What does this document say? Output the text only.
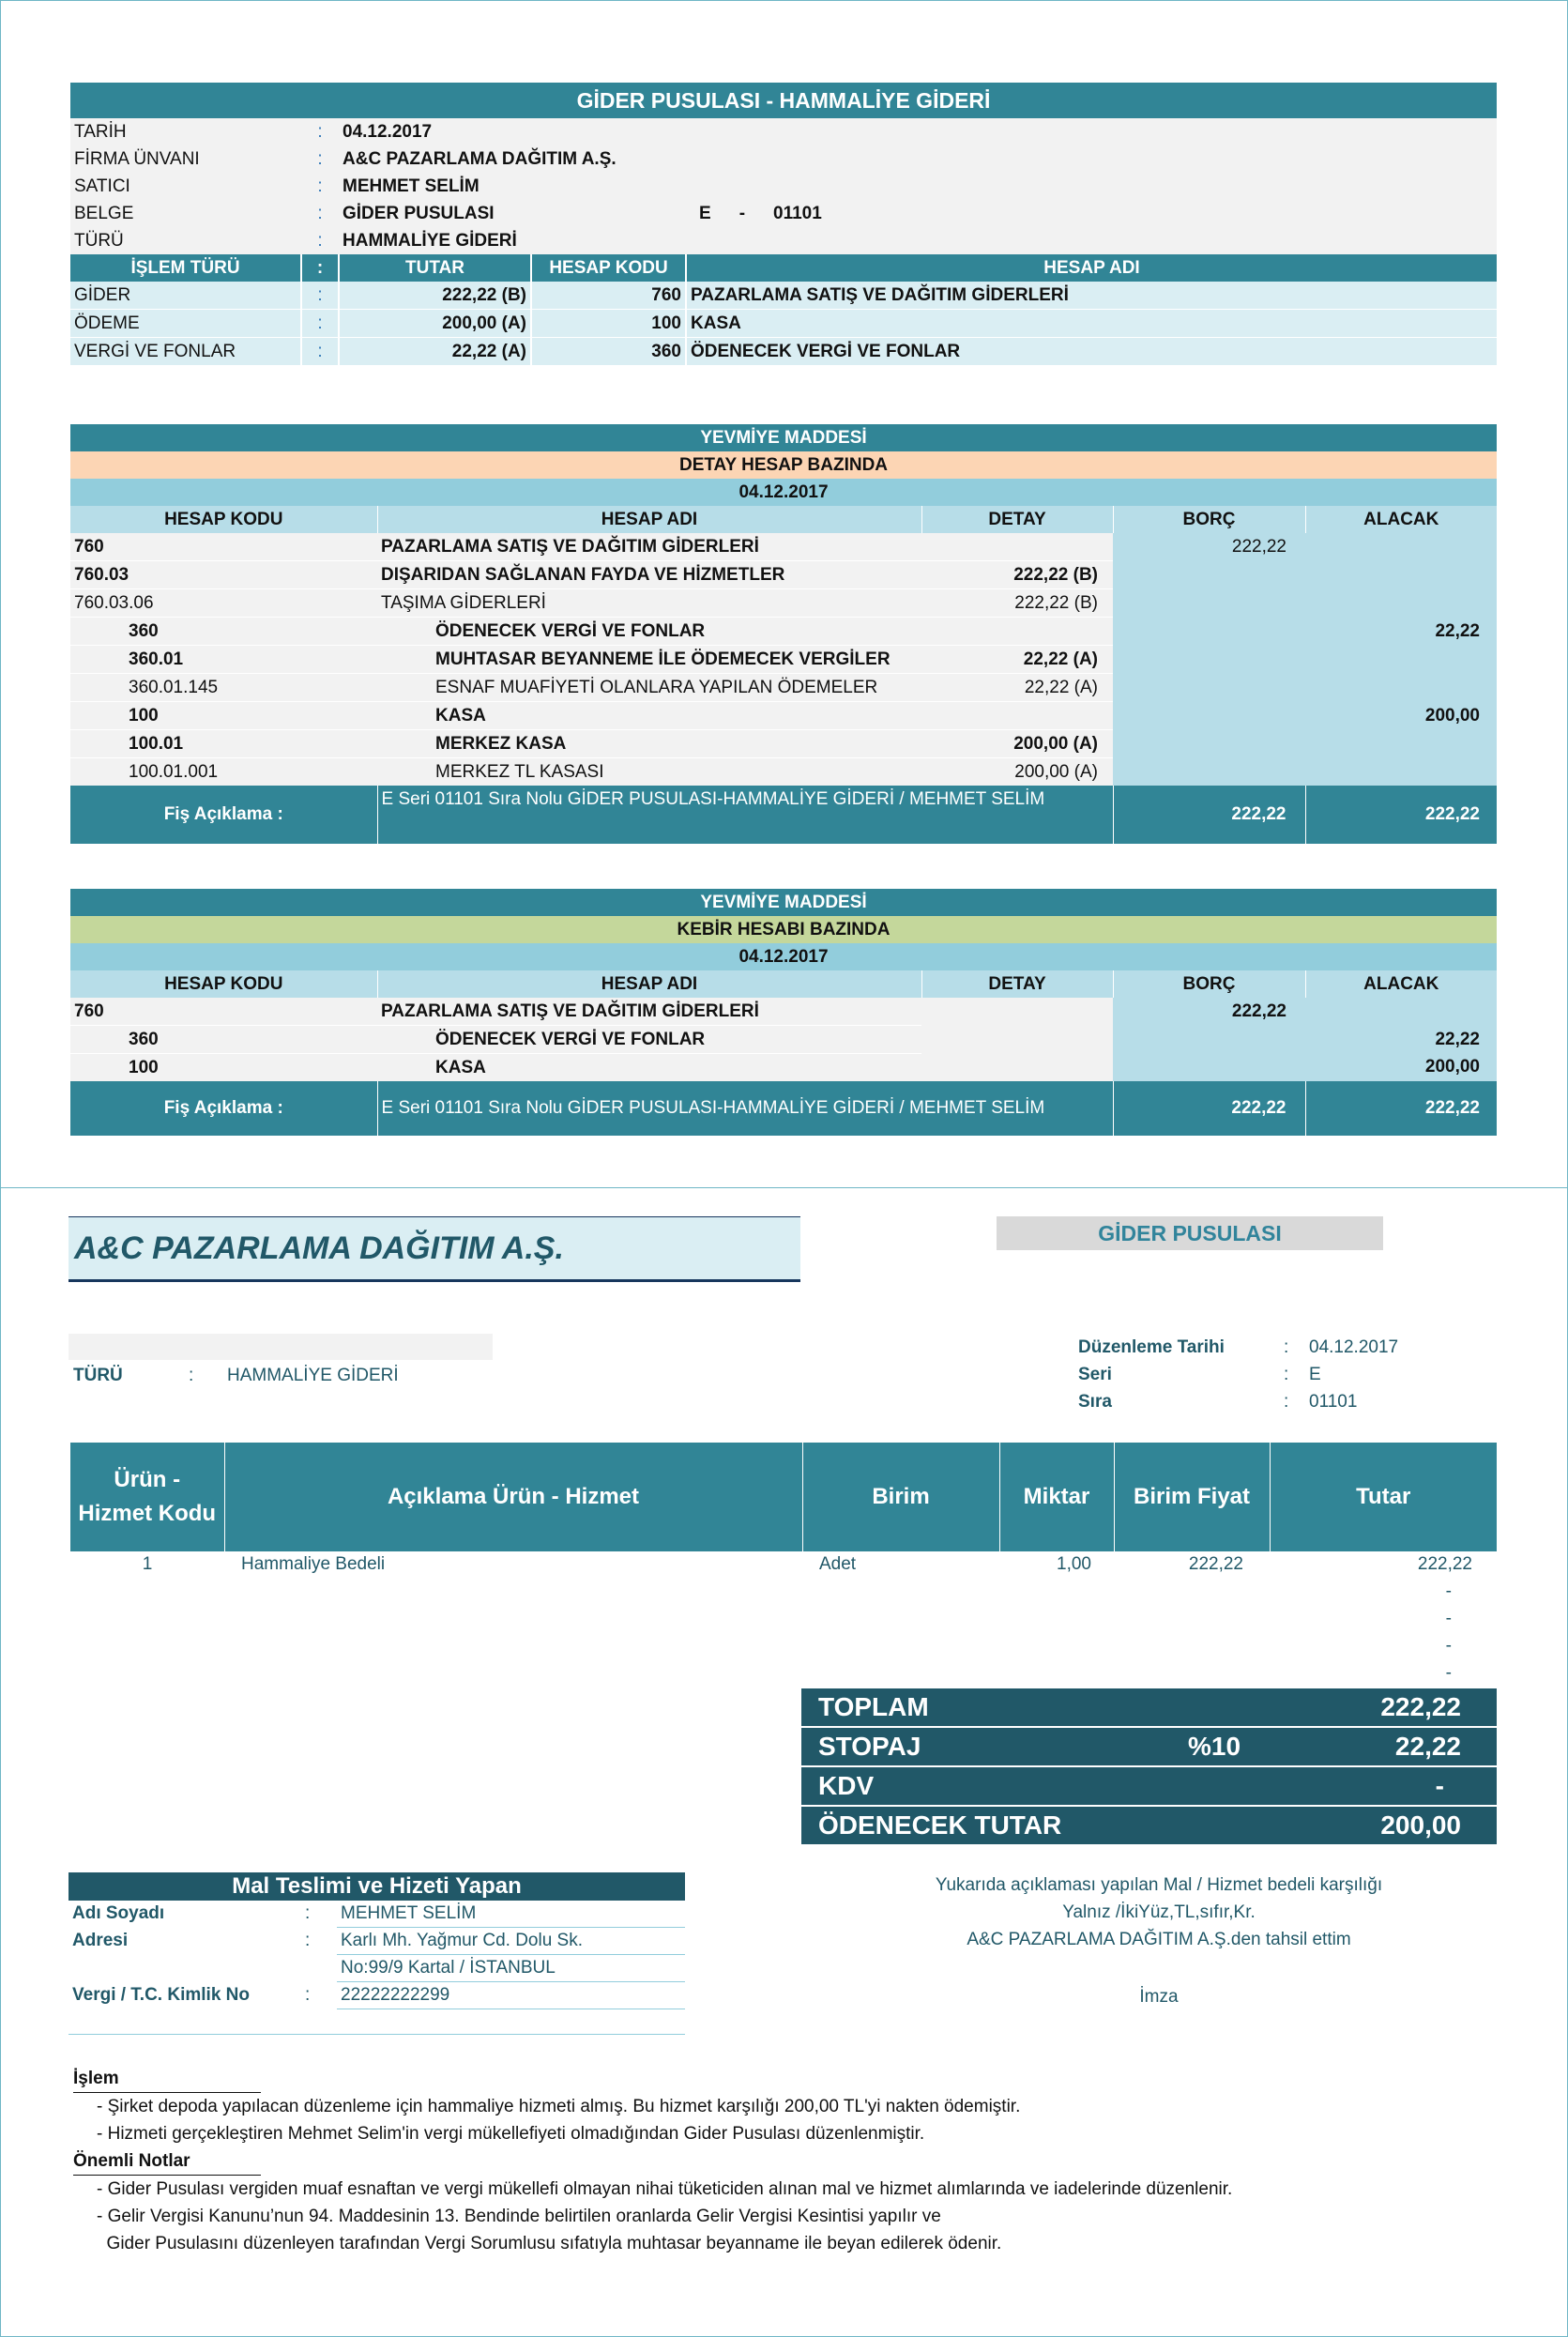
GİDER PUSULASI - HAMMALİYE GİDERİ				
TARİH	:	04.12.2017		
FİRMA ÜNVANI	:	A&C PAZARLAMA DAĞITIM A.Ş.		
SATICI	:	MEHMET SELİM		
BELGE	:	GİDER PUSULASI		E - 01101
TÜRÜ	:	HAMMALİYE GİDERİ		
İŞLEM TÜRÜ	:	TUTAR	HESAP KODU	HESAP ADI
GİDER	:	222,22 (B)	760	PAZARLAMA SATIŞ VE DAĞITIM GİDERLERİ
ÖDEME	:	200,00 (A)	100	KASA
VERGİ VE FONLAR	:	22,22 (A)	360	ÖDENECEK VERGİ VE FONLAR
YEVMİYE MADDESİ				
DETAY HESAP BAZINDA				
04.12.2017				
HESAP KODU	HESAP ADI	DETAY	BORÇ	ALACAK
760	PAZARLAMA SATIŞ VE DAĞITIM GİDERLERİ		222,22	
760.03	DIŞARIDAN SAĞLANAN FAYDA VE HİZMETLER	222,22 (B)		
760.03.06	TAŞIMA GİDERLERİ	222,22 (B)		
360	ÖDENECEK VERGİ VE FONLAR			22,22
360.01	MUHTASAR BEYANNEME İLE ÖDEMECEK VERGİLER	22,22 (A)		
360.01.145	ESNAF MUAFİYETİ OLANLARA YAPILAN ÖDEMELER	22,22 (A)		
100	KASA			200,00
100.01	MERKEZ KASA	200,00 (A)		
100.01.001	MERKEZ TL KASASI	200,00 (A)		
Fiş Açıklama :	E Seri 01101 Sıra Nolu GİDER PUSULASI-HAMMALİYE GİDERİ / MEHMET SELİM		222,22	222,22
YEVMİYE MADDESİ				
KEBİR HESABI BAZINDA				
04.12.2017				
HESAP KODU	HESAP ADI	DETAY	BORÇ	ALACAK
760	PAZARLAMA SATIŞ VE DAĞITIM GİDERLERİ		222,22	
360	ÖDENECEK VERGİ VE FONLAR			22,22
100	KASA			200,00
Fiş Açıklama :	E Seri 01101 Sıra Nolu GİDER PUSULASI-HAMMALİYE GİDERİ / MEHMET SELİM		222,22	222,22
A&C PAZARLAMA DAĞITIM A.Ş.	GİDER PUSULASI
TÜRÜ	: HAMMALİYE GİDERİ
Düzenleme Tarihi	: 04.12.2017
Seri	: E
Sıra	: 01101
Ürün - Hizmet Kodu	Açıklama Ürün - Hizmet	Birim	Miktar	Birim Fiyat	Tutar
1	Hammaliye Bedeli	Adet	1,00	222,22	222,22
					-
					-
					-
					-
TOPLAM		222,22
STOPAJ	%10	22,22
KDV		-
ÖDENECEK TUTAR		200,00
Mal Teslimi ve Hizeti Yapan		
Adı Soyadı	:	MEHMET SELİM
Adresi	:	Karlı Mh. Yağmur Cd. Dolu Sk.
		No:99/9 Kartal / İSTANBUL
Vergi / T.C. Kimlik No	:	22222222299

Yukarıda açıklaması yapılan Mal / Hizmet bedeli karşılığı
Yalnız /İkiYüz,TL,sıfır,Kr.
A&C PAZARLAMA DAĞITIM A.Ş.den tahsil ettim
İmza
İşlem
- Şirket depoda yapılacan düzenleme için hammaliye hizmeti almış. Bu hizmet karşılığı 200,00 TL'yi nakten ödemiştir.
- Hizmeti gerçekleştiren Mehmet Selim'in vergi mükellefiyeti olmadığından Gider Pusulası düzenlenmiştir.
Önemli Notlar
- Gider Pusulası vergiden muaf esnaftan ve vergi mükellefi olmayan nihai tüketiciden alınan mal ve hizmet alımlarında ve iadelerinde düzenlenir.
- Gelir Vergisi Kanunu’nun 94. Maddesinin 13. Bendinde belirtilen oranlarda Gelir Vergisi Kesintisi yapılır ve
Gider Pusulasını düzenleyen tarafından Vergi Sorumlusu sıfatıyla muhtasar beyanname ile beyan edilerek ödenir.
